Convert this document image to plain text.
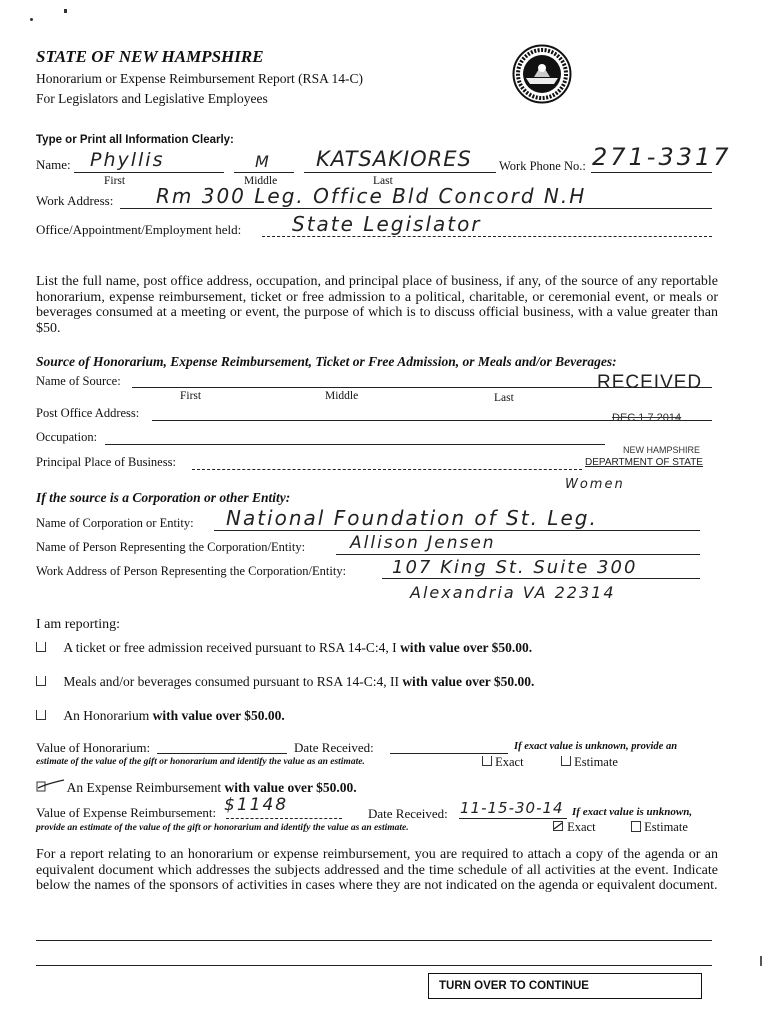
STATE OF NEW HAMPSHIRE
Honorarium or Expense Reimbursement Report (RSA 14-C)
For Legislators and Legislative Employees
Type or Print all Information Clearly:
Name: Phyllis	M KATSAKIORES Work Phone No.: 271-3317
First	Middle	Last
Work Address: Rm 300 Leg. Office Bld Concord N.H
Office/Appointment/Employment held:	State Legislator
List the full name, post office address, occupation, and principal place of business, if any, of the source of any reportable honorarium, expense reimbursement, ticket or free admission to a political, charitable, or ceremonial event, or meals or beverages consumed at a meeting or event, the purpose of which is to discuss official business, with a value greater than $50.
Source of Honorarium, Expense Reimbursement, Ticket or Free Admission, or Meals and/or Beverages:
Name of Source:
First	Middle	Last
Post Office Address:
Occupation:
Principal Place of Business:
RECEIVED
DEC 1 7 2014
NEW HAMPSHIRE
DEPARTMENT OF STATE
If the source is a Corporation or other Entity:
Women
Name of Corporation or Entity: National Foundation of St. Leg.
Name of Person Representing the Corporation/Entity:	Allison Jensen
Work Address of Person Representing the Corporation/Entity:	107 King St. Suite 300
Alexandria VA 22314
I am reporting:
A ticket or free admission received pursuant to RSA 14-C:4, I with value over $50.00.
Meals and/or beverages consumed pursuant to RSA 14-C:4, II with value over $50.00.
An Honorarium with value over $50.00.
Value of Honorarium:	Date Received:	If exact value is unknown, provide an
estimate of the value of the gift or honorarium and identify the value as an estimate.	Exact	Estimate
An Expense Reimbursement with value over $50.00.
Value of Expense Reimbursement: $1148	Date Received: 11-15-30-14 If exact value is unknown,
provide an estimate of the value of the gift or honorarium and identify the value as an estimate.	Exact	Estimate
For a report relating to an honorarium or expense reimbursement, you are required to attach a copy of the agenda or an equivalent document which addresses the subjects addressed and the time schedule of all activities at the event. Indicate below the names of the sponsors of activities in cases where they are not indicated on the agenda or equivalent document.
TURN OVER TO CONTINUE
